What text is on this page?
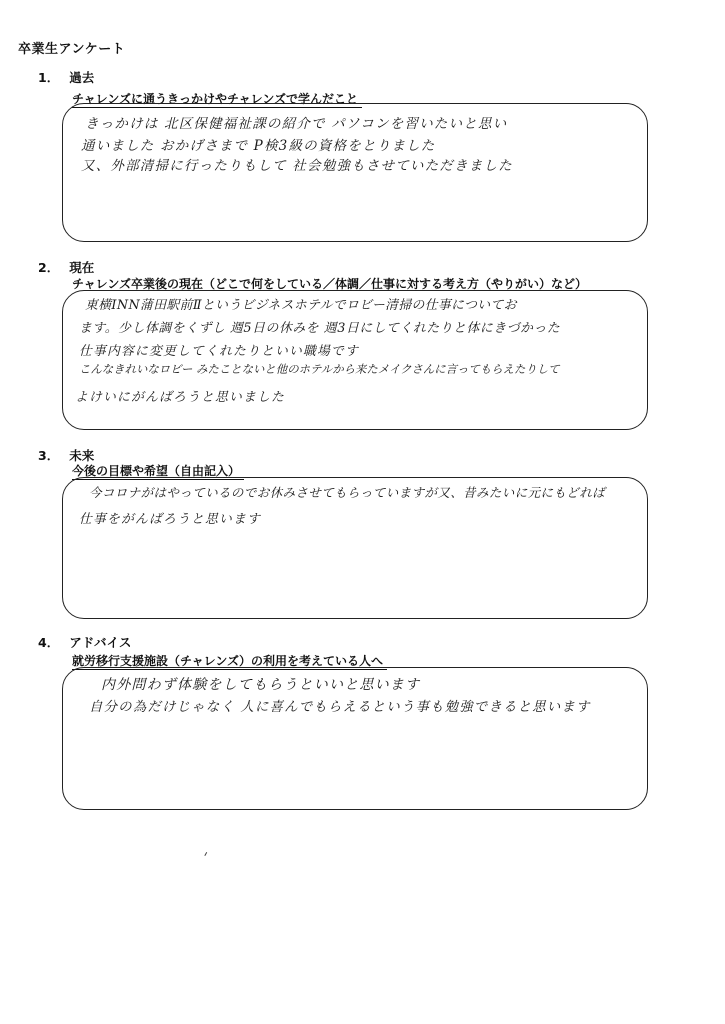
卒業生アンケート
1． 過去
チャレンズに通うきっかけやチャレンズで学んだこと
きっかけは 北区保健福祉課の紹介で パソコンを習いたいと思い
通いました おかげさまで P検3級の資格をとりました
又、外部清掃に行ったりもして 社会勉強もさせていただきました
2． 現在
チャレンズ卒業後の現在（どこで何をしている／体調／仕事に対する考え方（やりがい）など）
東横INN蒲田駅前Ⅱというビジネスホテルでロビー清掃の仕事についてお
ます。少し体調をくずし 週5日の休みを 週3日にしてくれたりと体にきづかった
仕事内容に変更してくれたりといい職場です
こんなきれいなロビー みたことないと他のホテルから来たメイクさんに言ってもらえたりして
よけいにがんばろうと思いました
3． 未来
今後の目標や希望（自由記入）
今コロナがはやっているのでお休みさせてもらっていますが又、昔みたいに元にもどれば
仕事をがんばろうと思います
4． アドバイス
就労移行支援施設（チャレンズ）の利用を考えている人へ
内外問わず体験をしてもらうといいと思います
自分の為だけじゃなく 人に喜んでもらえるという事も勉強できると思います
